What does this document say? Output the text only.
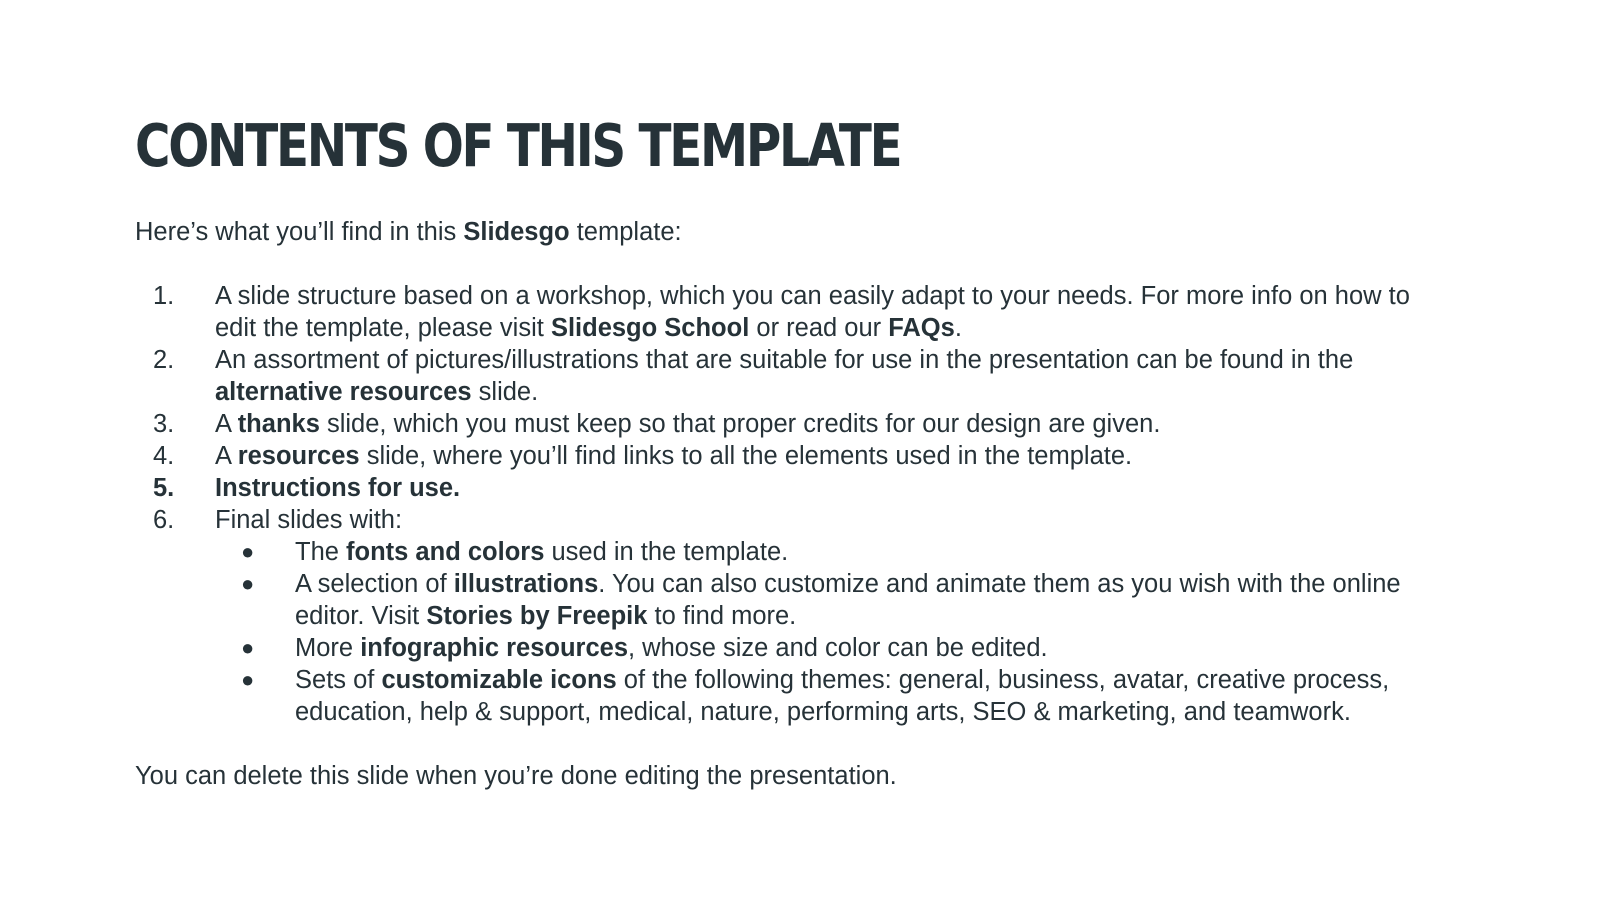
CONTENTS OF THIS TEMPLATE

Here’s what you’ll find in this Slidesgo template:

1.	A slide structure based on a workshop, which you can easily adapt to your needs. For more info on how to
edit the template, please visit Slidesgo School or read our FAQs.
2.	An assortment of pictures/illustrations that are suitable for use in the presentation can be found in the
alternative resources slide.
3.	A thanks slide, which you must keep so that proper credits for our design are given.
4.	A resources slide, where you’ll find links to all the elements used in the template.
5.	Instructions for use.
6.	Final slides with:
●	The fonts and colors used in the template.
●	A selection of illustrations. You can also customize and animate them as you wish with the online
editor. Visit Stories by Freepik to find more.
●	More infographic resources, whose size and color can be edited.
●	Sets of customizable icons of the following themes: general, business, avatar, creative process,
education, help & support, medical, nature, performing arts, SEO & marketing, and teamwork.

You can delete this slide when you’re done editing the presentation.
